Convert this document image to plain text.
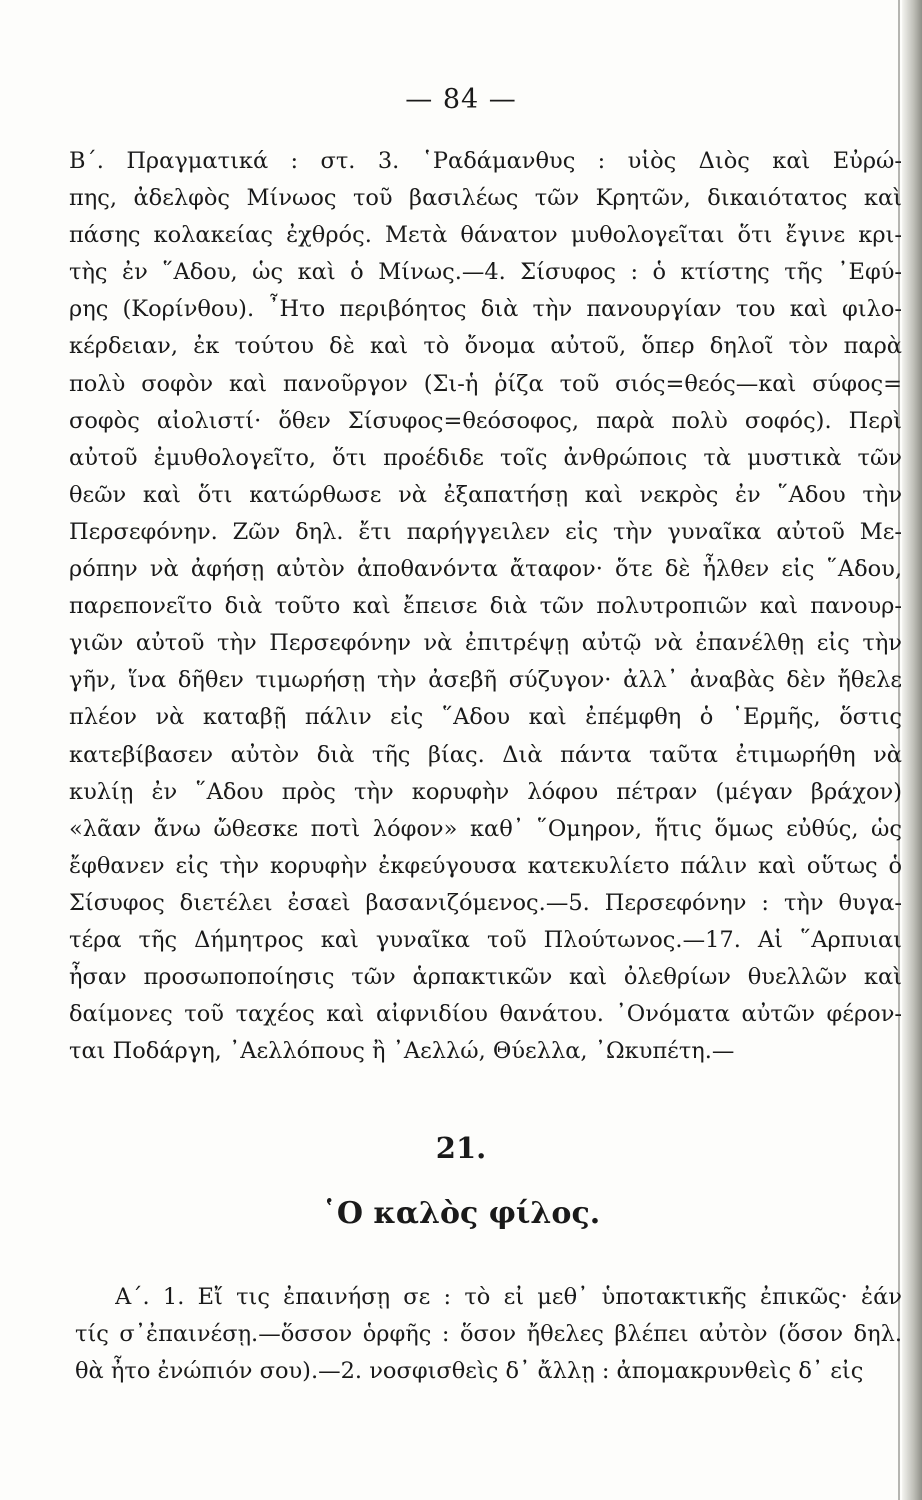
— 84 —
Β΄. Πραγματικά : στ. 3. ῾Ραδάμανθυς : υἱὸς Διὸς καὶ Εὐρώ-
πης, ἀδελφὸς Μίνωος τοῦ βασιλέως τῶν Κρητῶν, δικαιότατος καὶ
πάσης κολακείας ἐχθρός. Μετὰ θάνατον μυθολογεῖται ὅτι ἔγινε κρι-
τὴς ἐν ῞Αδου, ὡς καὶ ὁ Μίνως.—4. Σίσυφος : ὁ κτίστης τῆς ᾿Εφύ-
ρης (Κορίνθου). ῏Ητο περιβόητος διὰ τὴν πανουργίαν του καὶ φιλο-
κέρδειαν, ἐκ τούτου δὲ καὶ τὸ ὄνομα αὐτοῦ, ὅπερ δηλοῖ τὸν παρὰ
πολὺ σοφὸν καὶ πανοῦργον (Σι-ἡ ῥίζα τοῦ σιός=θεός—καὶ σύφος=
σοφὸς αἰολιστί· ὅθεν Σίσυφος=θεόσοφος, παρὰ πολὺ σοφός). Περὶ
αὐτοῦ ἐμυθολογεῖτο, ὅτι προέδιδε τοῖς ἀνθρώποις τὰ μυστικὰ τῶν
θεῶν καὶ ὅτι κατώρθωσε νὰ ἐξαπατήσῃ καὶ νεκρὸς ἐν ῞Αδου τὴν
Περσεφόνην. Ζῶν δηλ. ἔτι παρήγγειλεν εἰς τὴν γυναῖκα αὐτοῦ Με-
ρόπην νὰ ἀφήσῃ αὐτὸν ἀποθανόντα ἄταφον· ὅτε δὲ ἦλθεν εἰς ῞Αδου,
παρεπονεῖτο διὰ τοῦτο καὶ ἔπεισε διὰ τῶν πολυτροπιῶν καὶ πανουρ-
γιῶν αὐτοῦ τὴν Περσεφόνην νὰ ἐπιτρέψῃ αὐτῷ νὰ ἐπανέλθῃ εἰς τὴν
γῆν, ἵνα δῆθεν τιμωρήσῃ τὴν ἀσεβῆ σύζυγον· ἀλλ᾿ ἀναβὰς δὲν ἤθελε
πλέον νὰ καταβῇ πάλιν εἰς ῞Αδου καὶ ἐπέμφθη ὁ ῾Ερμῆς, ὅστις
κατεβίβασεν αὐτὸν διὰ τῆς βίας. Διὰ πάντα ταῦτα ἐτιμωρήθη νὰ
κυλίῃ ἐν ῞Αδου πρὸς τὴν κορυφὴν λόφου πέτραν (μέγαν βράχον)
«λᾶαν ἄνω ὤθεσκε ποτὶ λόφον» καθ᾿ ῞Ομηρον, ἥτις ὅμως εὐθύς, ὡς
ἔφθανεν εἰς τὴν κορυφὴν ἐκφεύγουσα κατεκυλίετο πάλιν καὶ οὕτως ὁ
Σίσυφος διετέλει ἐσαεὶ βασανιζόμενος.—5. Περσεφόνην : τὴν θυγα-
τέρα τῆς Δήμητρος καὶ γυναῖκα τοῦ Πλούτωνος.—17. Αἱ ῞Αρπυιαι
ἦσαν προσωποποίησις τῶν ἁρπακτικῶν καὶ ὀλεθρίων θυελλῶν καὶ
δαίμονες τοῦ ταχέος καὶ αἰφνιδίου θανάτου. ᾿Ονόματα αὐτῶν φέρον-
ται Ποδάργη, ᾿Αελλόπους ἢ ᾿Αελλώ, Θύελλα, ᾿Ωκυπέτη.—
21.
῾Ο καλὸς φίλος.
Α΄. 1. Εἴ τις ἐπαινήσῃ σε : τὸ εἰ μεθ᾿ ὑποτακτικῆς ἐπικῶς· ἐάν
τίς σ᾿ἐπαινέσῃ.—ὅσσον ὁρφῆς : ὅσον ἤθελες βλέπει αὐτὸν (ὅσον δηλ.
θὰ ἦτο ἐνώπιόν σου).—2. νοσφισθεὶς δ᾿ ἄλλῃ : ἀπομακρυνθεὶς δ᾿ εἰς
